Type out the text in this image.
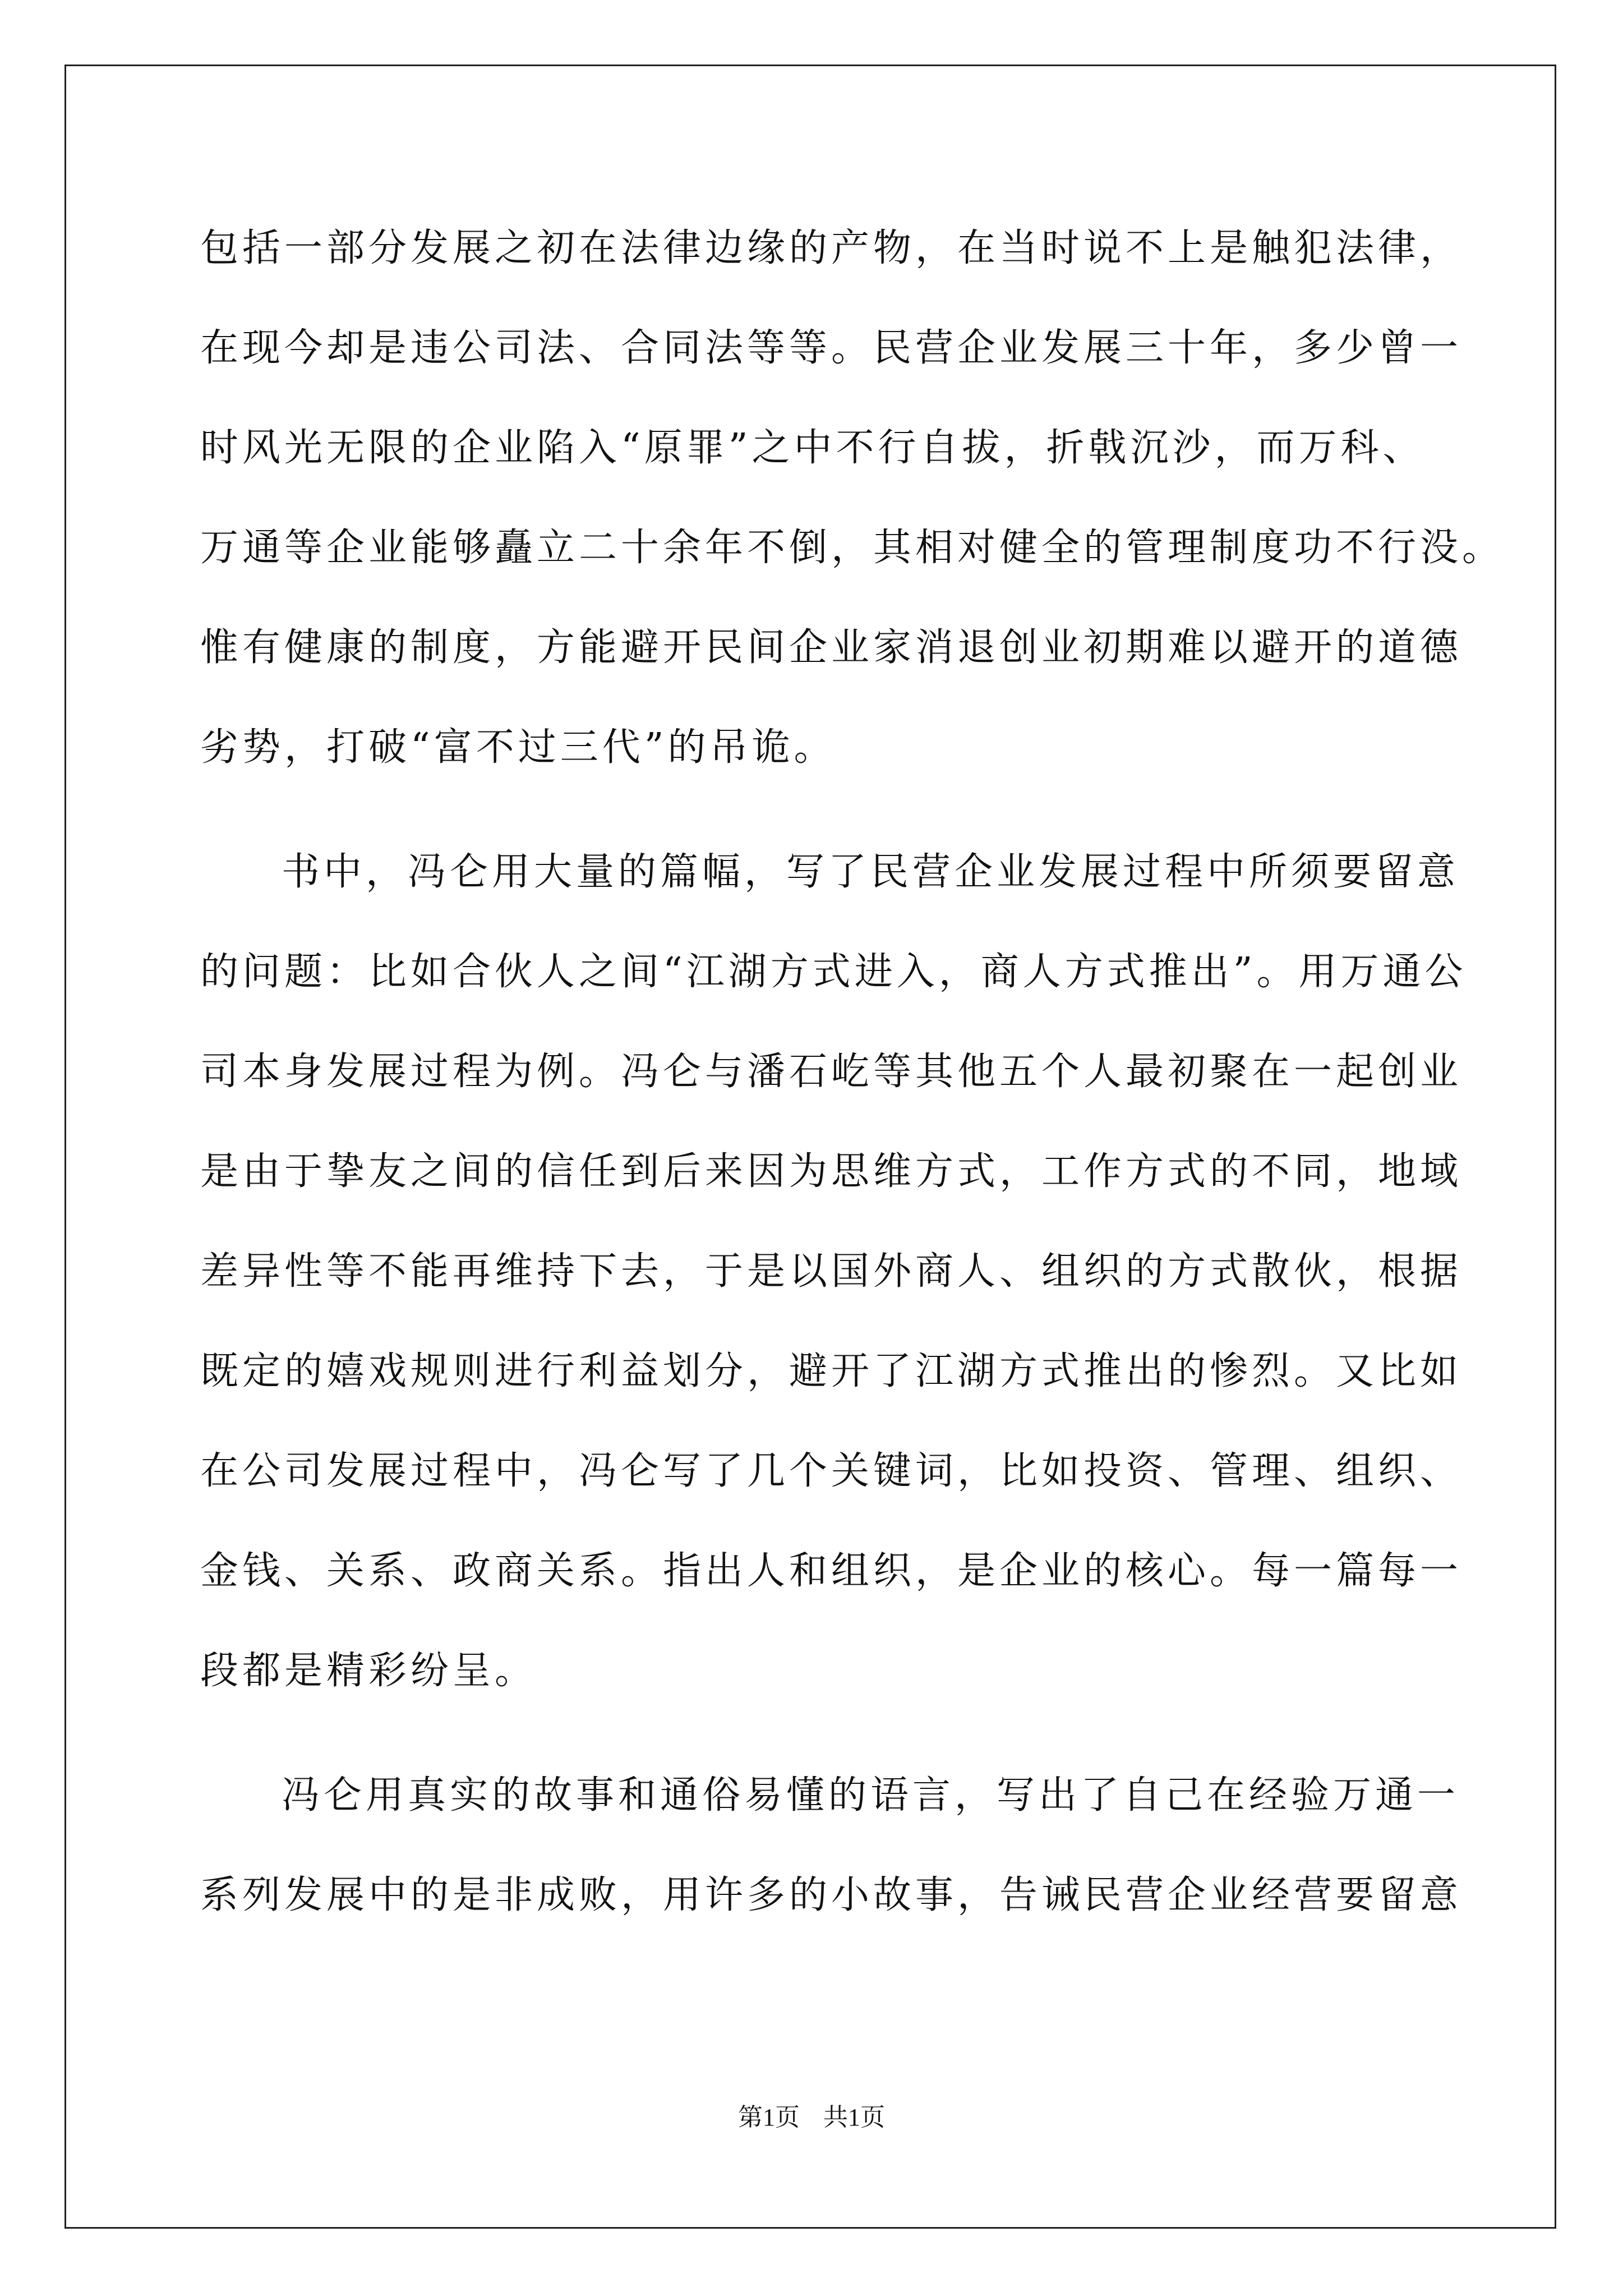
包括一部分发展之初在法律边缘的产物，在当时说不上是触犯法律，
在现今却是违公司法、合同法等等。民营企业发展三十年，多少曾一
时风光无限的企业陷入“原罪”之中不行自拔，折戟沉沙，而万科、
万通等企业能够矗立二十余年不倒，其相对健全的管理制度功不行没。
惟有健康的制度，方能避开民间企业家消退创业初期难以避开的道德
劣势，打破“富不过三代”的吊诡。
书中，冯仑用大量的篇幅，写了民营企业发展过程中所须要留意
的问题：比如合伙人之间“江湖方式进入，商人方式推出”。用万通公
司本身发展过程为例。冯仑与潘石屹等其他五个人最初聚在一起创业
是由于挚友之间的信任到后来因为思维方式，工作方式的不同，地域
差异性等不能再维持下去，于是以国外商人、组织的方式散伙，根据
既定的嬉戏规则进行利益划分，避开了江湖方式推出的惨烈。又比如
在公司发展过程中，冯仑写了几个关键词，比如投资、管理、组织、
金钱、关系、政商关系。指出人和组织，是企业的核心。每一篇每一
段都是精彩纷呈。
冯仑用真实的故事和通俗易懂的语言，写出了自己在经验万通一
系列发展中的是非成败，用许多的小故事，告诫民营企业经营要留意
第1页 共1页
